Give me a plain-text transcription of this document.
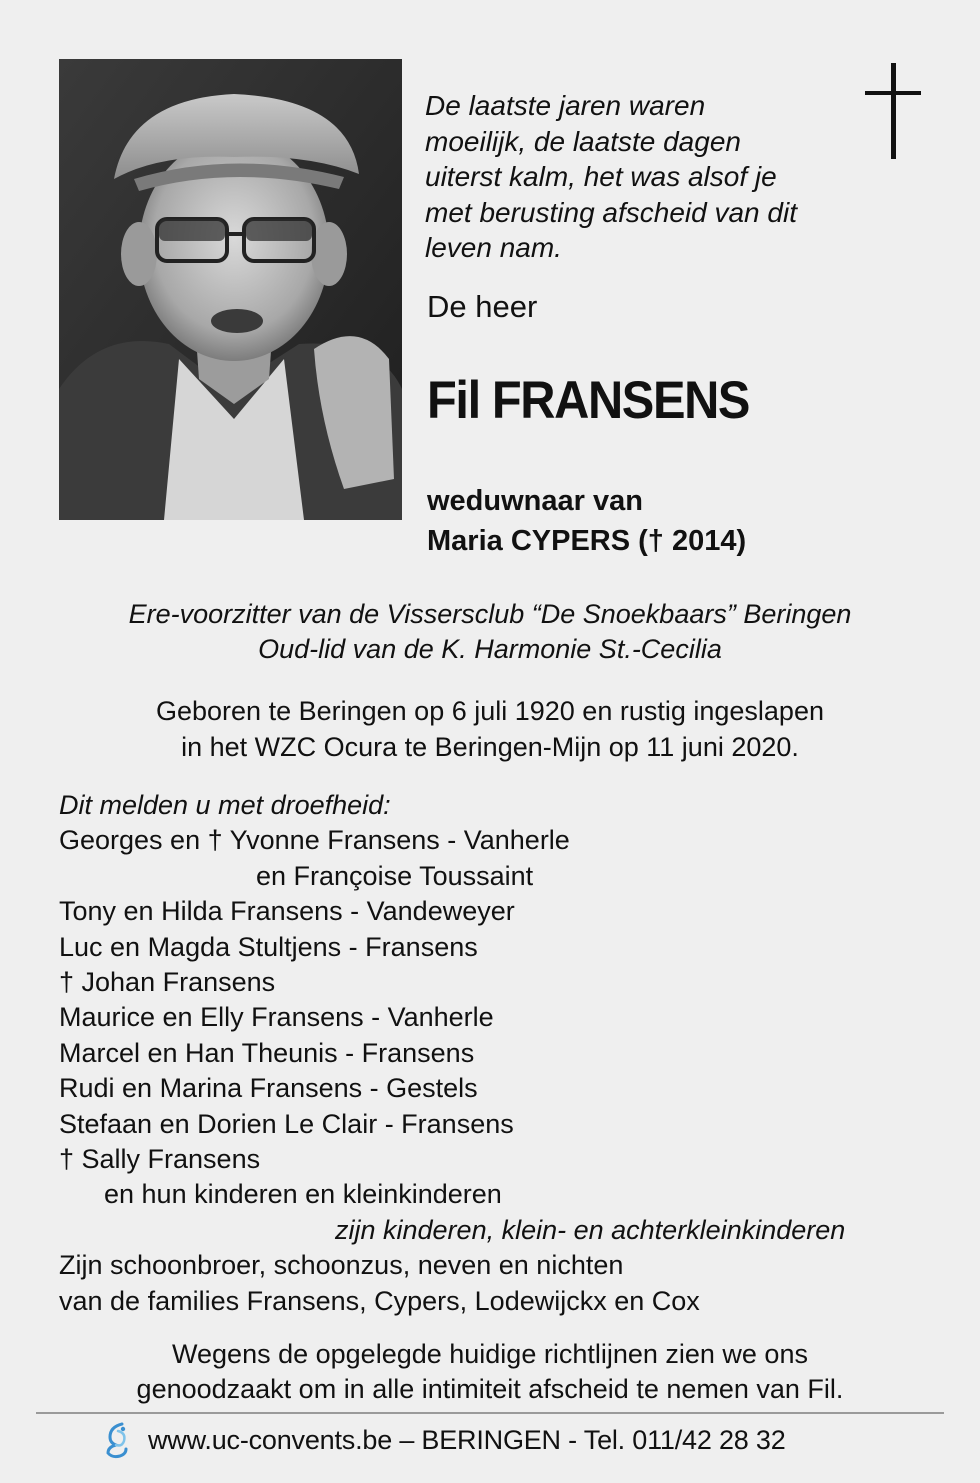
De laatste jaren waren
moeilijk, de laatste dagen
uiterst kalm, het was alsof je
met berusting afscheid van dit
leven nam.
De heer
Fil FRANSENS
weduwnaar van
Maria CYPERS († 2014)
Ere-voorzitter van de Vissersclub “De Snoekbaars” Beringen
Oud-lid van de K. Harmonie St.-Cecilia
Geboren te Beringen op 6 juli 1920 en rustig ingeslapen
in het WZC Ocura te Beringen-Mijn op 11 juni 2020.
Dit melden u met droefheid:
Georges en † Yvonne Fransens - Vanherle
en Françoise Toussaint
Tony en Hilda Fransens - Vandeweyer
Luc en Magda Stultjens - Fransens
† Johan Fransens
Maurice en Elly Fransens - Vanherle
Marcel en Han Theunis - Fransens
Rudi en Marina Fransens - Gestels
Stefaan en Dorien Le Clair - Fransens
† Sally Fransens
en hun kinderen en kleinkinderen
zijn kinderen, klein- en achterkleinkinderen
Zijn schoonbroer, schoonzus, neven en nichten
van de families Fransens, Cypers, Lodewijckx en Cox
Wegens de opgelegde huidige richtlijnen zien we ons
genoodzaakt om in alle intimiteit afscheid te nemen van Fil.
www.uc-convents.be – BERINGEN - Tel. 011/42 28 32
